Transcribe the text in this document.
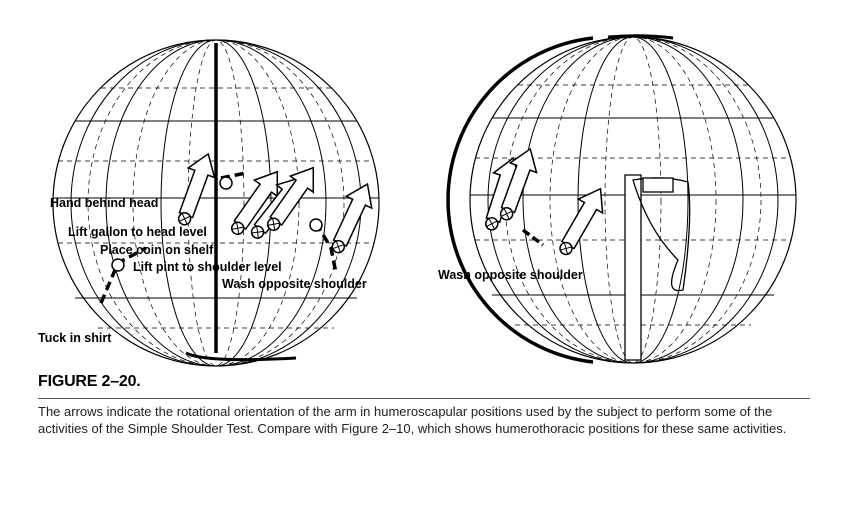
Hand behind head
Lift gallon to head level
Place coin on shelf
Lift pint to shoulder level
Wash opposite shoulder
Tuck in shirt
Wash opposite shoulder
FIGURE 2–20.
The arrows indicate the rotational orientation of the arm in humeroscapular positions used by the subject to perform some of the activities of the Simple Shoulder Test. Compare with Figure 2–10, which shows humerothoracic positions for these same activities.
